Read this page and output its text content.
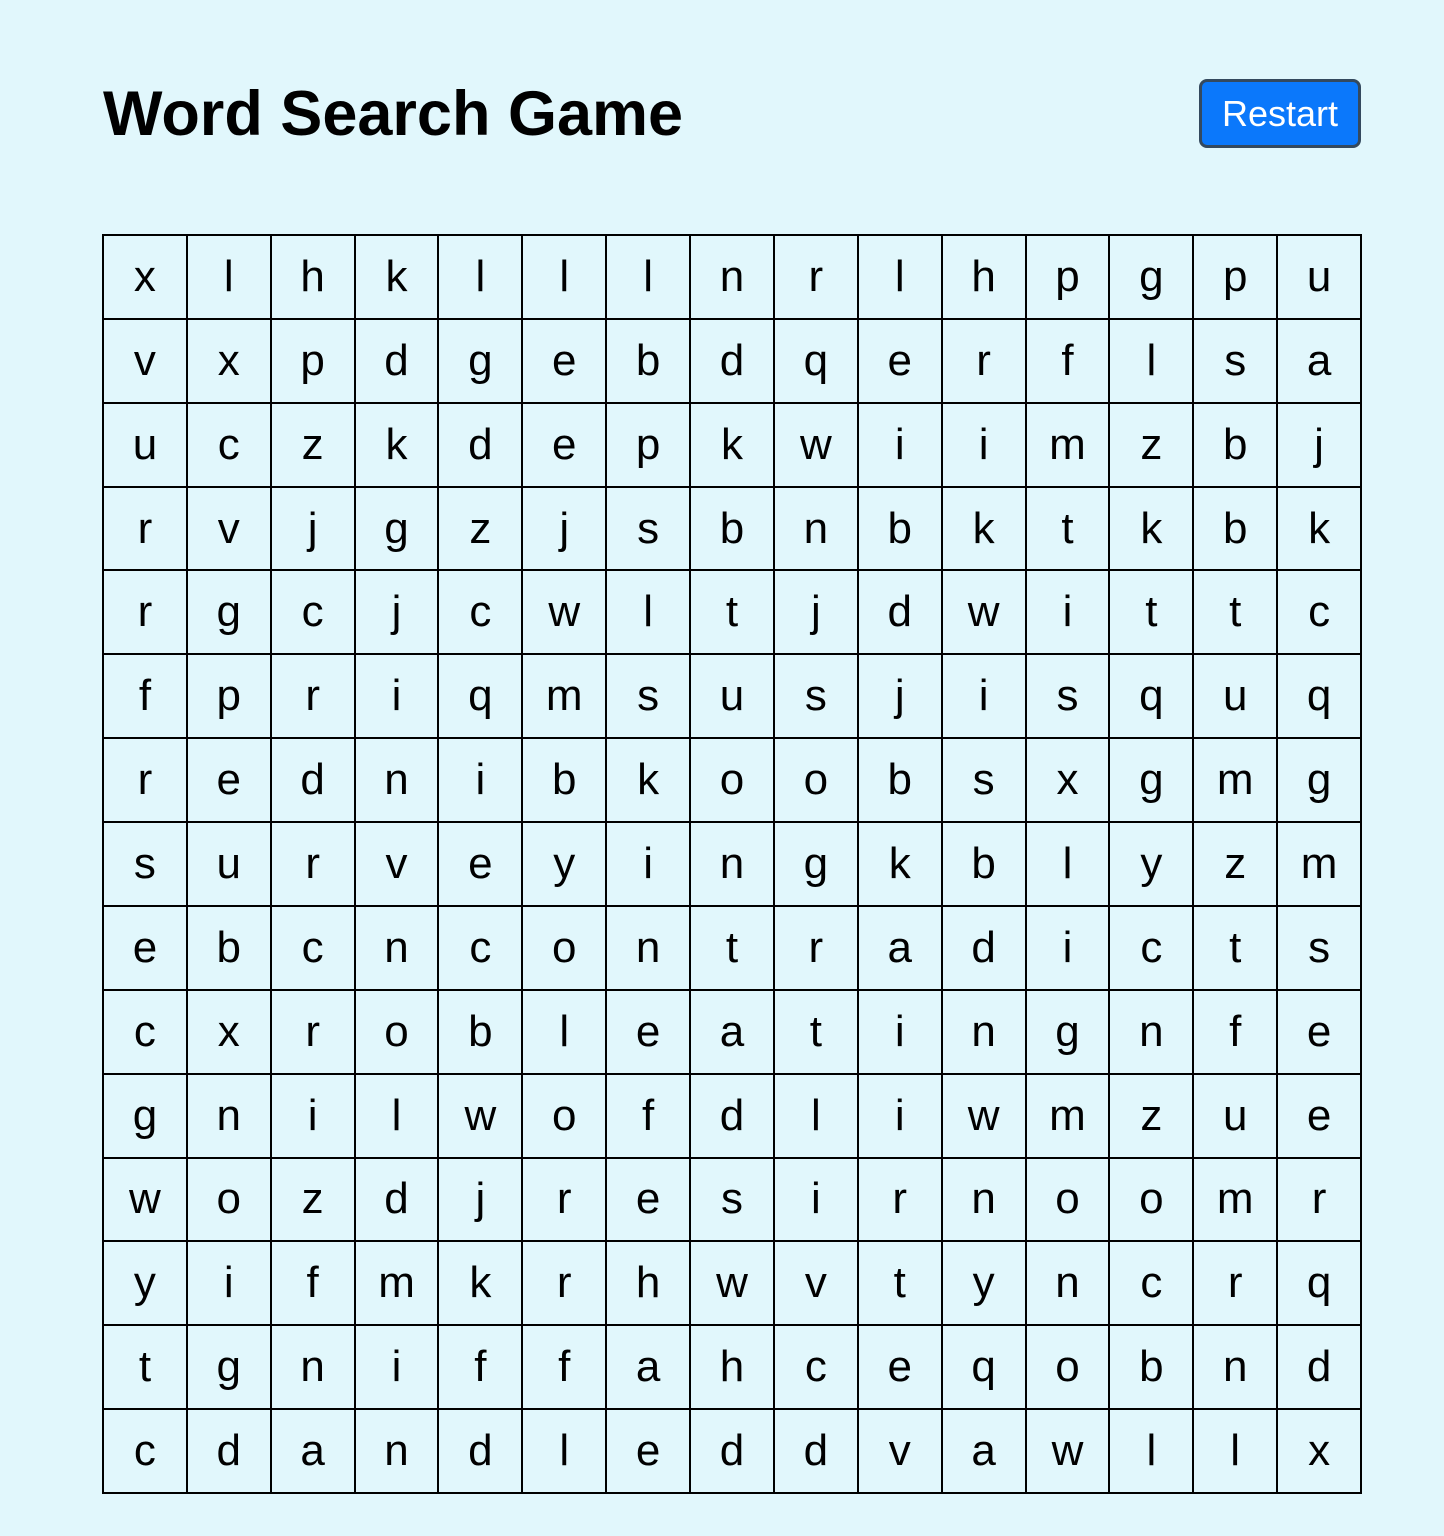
Word Search Game	Restart
x	l	h	k	l	l	l	n	r	l	h	p	g	p	u
v	x	p	d	g	e	b	d	q	e	r	f	l	s	a
u	c	z	k	d	e	p	k	w	i	i	m	z	b	j
r	v	j	g	z	j	s	b	n	b	k	t	k	b	k
r	g	c	j	c	w	l	t	j	d	w	i	t	t	c
f	p	r	i	q	m	s	u	s	j	i	s	q	u	q
r	e	d	n	i	b	k	o	o	b	s	x	g	m	g
s	u	r	v	e	y	i	n	g	k	b	l	y	z	m
e	b	c	n	c	o	n	t	r	a	d	i	c	t	s
c	x	r	o	b	l	e	a	t	i	n	g	n	f	e
g	n	i	l	w	o	f	d	l	i	w	m	z	u	e
w	o	z	d	j	r	e	s	i	r	n	o	o	m	r
y	i	f	m	k	r	h	w	v	t	y	n	c	r	q
t	g	n	i	f	f	a	h	c	e	q	o	b	n	d
c	d	a	n	d	l	e	d	d	v	a	w	l	l	x
